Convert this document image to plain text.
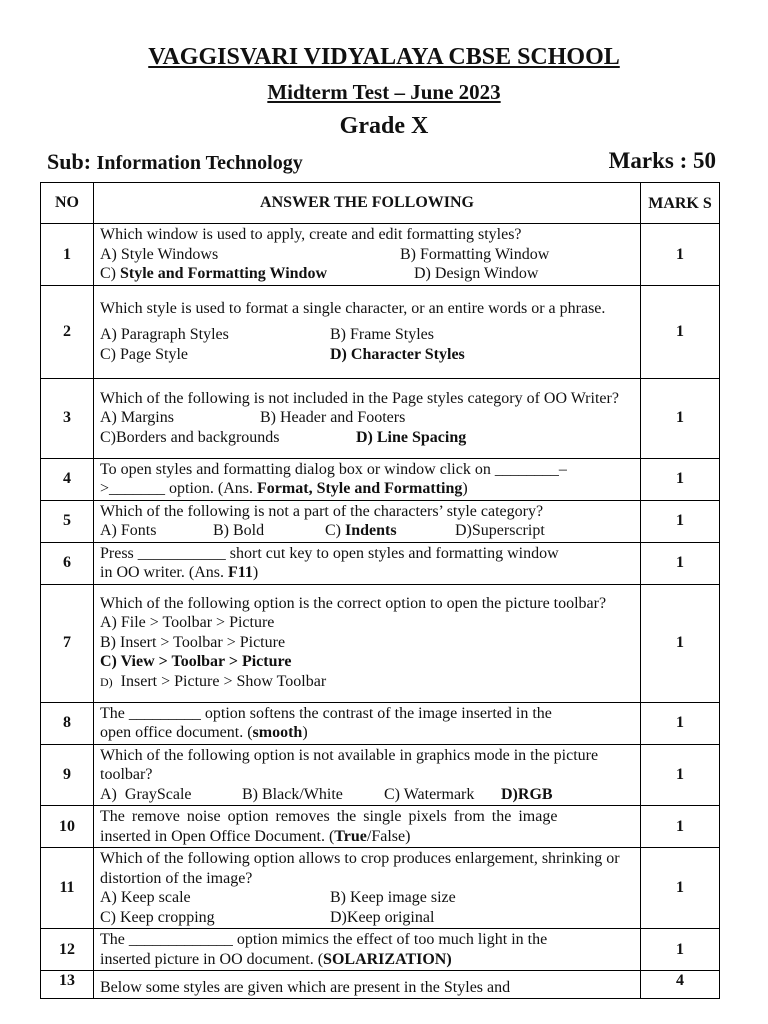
VAGGISVARI VIDYALAYA CBSE SCHOOL
Midterm Test – June 2023
Grade X
Sub: Information Technology	Marks : 50
NO	ANSWER THE FOLLOWING	MARK S
1	Which window is used to apply, create and edit formatting styles?
A) Style Windows B) Formatting Window
C) Style and Formatting Window D) Design Window	1
2	Which style is used to format a single character, or an entire words or a phrase.
A) Paragraph Styles B) Frame Styles
C) Page Style D) Character Styles	1
3	Which of the following is not included in the Page styles category of OO Writer?
A) Margins B) Header and Footers
C)Borders and backgrounds D) Line Spacing	1
4	To open styles and formatting dialog box or window click on ________–
>_______ option. (Ans. Format, Style and Formatting)	1
5	Which of the following is not a part of the characters’ style category?
A) Fonts B) Bold C) Indents D)Superscript	1
6	Press ___________ short cut key to open styles and formatting window
in OO writer. (Ans. F11)	1
7	Which of the following option is the correct option to open the picture toolbar?
A) File > Toolbar > Picture
B) Insert > Toolbar > Picture
C) View > Toolbar > Picture
D)  Insert > Picture > Show Toolbar	1
8	The _________ option softens the contrast of the image inserted in the
open office document. (smooth)	1
9	Which of the following option is not available in graphics mode in the picture toolbar?
A)  GrayScale B) Black/White C) Watermark D)RGB	1
10	The remove noise option removes the single pixels from the image
inserted in Open Office Document. (True/False)	1
11	Which of the following option allows to crop produces enlargement, shrinking or distortion of the image?
A) Keep scale B) Keep image size
C) Keep cropping D)Keep original	1
12	The _____________ option mimics the effect of too much light in the
inserted picture in OO document. (SOLARIZATION)	1
13	Below some styles are given which are present in the Styles and	4
